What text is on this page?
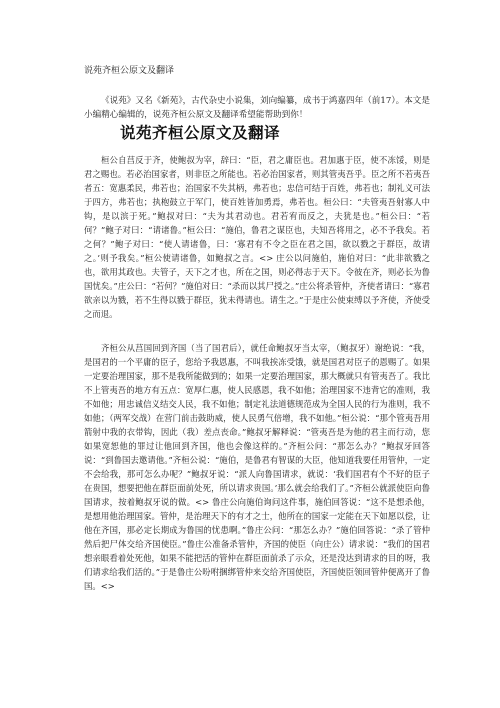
说苑齐桓公原文及翻译

《说苑》又名《新苑》，古代杂史小说集，刘向编纂，成书于鸿嘉四年（前17）。本文是小编精心编辑的，说苑齐桓公原文及翻译希望能帮助到你！

说苑齐桓公原文及翻译

桓公自莒反于齐，使鲍叔为宰，辞曰：“臣，君之庸臣也。君加惠于臣，使不冻馁，则是君之赐也。若必治国家者，则非臣之所能也。若必治国家者，则其管夷吾乎。臣之所不若夷吾者五：宽惠柔民，弗若也；治国家不失其柄，弗若也；忠信可结于百姓，弗若也；制礼义可法于四方，弗若也；执枹鼓立于军门，使百姓皆加勇焉，弗若也。桓公曰：“夫管夷吾射寡人中钩，是以滨于死。”鲍叔对曰：“夫为其君动也。君若宥而反之，夫犹是也。”桓公曰：“若何？”鲍子对曰：“请诸鲁。”桓公曰：“施伯，鲁君之谋臣也，夫知吾将用之，必不予我矣。若之何？”鲍子对曰：“使人请诸鲁，曰：‘寡君有不令之臣在君之国，欲以戮之于群臣，故请之。’则予我矣。”桓公使请诸鲁，如鲍叔之言。<> 庄公以问施伯，施伯对曰：“此非欲戮之也，欲用其政也。夫管子，天下之才也，所在之国，则必得志于天下。令彼在齐，则必长为鲁国忧矣。”庄公曰：“若何？”施伯对曰：“杀而以其尸授之。”庄公将杀管仲，齐使者请曰：“寡君欲亲以为戮，若不生得以戮于群臣，犹未得请也。请生之。”于是庄公使束缚以予齐使，齐使受之而退。

齐桓公从莒国回到齐国（当了国君后），就任命鲍叔牙当太宰，（鲍叔牙）谢绝说：“我，是国君的一个平庸的臣子，您给予我恩惠，不叫我挨冻受饿，就是国君对臣子的恩赐了。如果一定要治理国家，那不是我所能做到的；如果一定要治理国家，那大概就只有管夷吾了。我比不上管夷吾的地方有五点：宽厚仁惠，使人民感恩，我不如他；治理国家不违背它的准则，我不如他；用忠诚信义结交人民，我不如他；制定礼法道德规范成为全国人民的行为准则，我不如他；（两军交战）在营门前击鼓助威，使人民勇气倍增，我不如他。”桓公说：“那个管夷吾用箭射中我的衣带钩，因此（我）差点丧命。”鲍叔牙解释说：“管夷吾是为他的君主而行动，您如果宽恕他的罪过让他回到齐国，他也会像这样的。”齐桓公问：“那怎么办？”鲍叔牙回答说：“到鲁国去邀请他。”齐桓公说：“施伯，是鲁君有智谋的大臣，他知道我要任用管仲，一定不会给我，那可怎么办呢？”鲍叔牙说：“派人向鲁国请求，就说：‘我们国君有个不好的臣子在贵国，想要把他在群臣面前处死，所以请求贵国。’那么就会给我们了。”齐桓公就派使臣向鲁国请求，按着鲍叔牙说的做。<> 鲁庄公向施伯询问这件事，施伯回答说：“这不是想杀他，是想用他治理国家。管仲，是治理天下的有才之士，他所在的国家一定能在天下如愿以偿，让他在齐国，那必定长期成为鲁国的忧患啊。”鲁庄公问：“那怎么办？”施伯回答说：“杀了管仲然后把尸体交给齐国使臣。”鲁庄公准备杀管仲，齐国的使臣（向庄公）请求说：“我们的国君想亲眼看着处死他，如果不能把活的管仲在群臣面前杀了示众，还是没达到请求的目的呀，我们请求给我们活的。”于是鲁庄公吩咐捆绑管仲来交给齐国使臣，齐国使臣领回管仲便离开了鲁国。<>
